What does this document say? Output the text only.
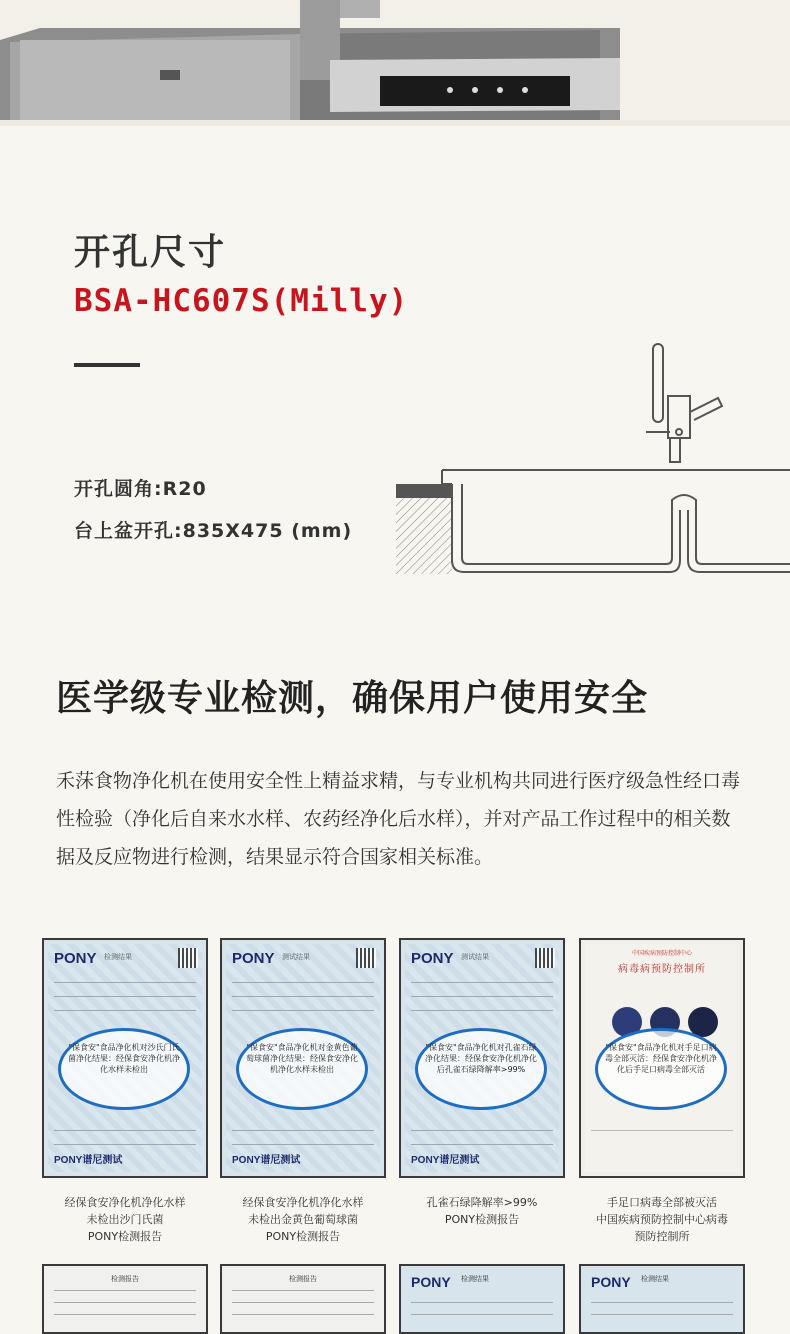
开孔尺寸
BSA-HC607S(Milly)
开孔圆角:R20
台上盆开孔:835X475 (mm)
医学级专业检测，确保用户使用安全

禾莯食物净化机在使用安全性上精益求精，与专业机构共同进行医疗级急性经口毒性检验（净化后自来水水样、农药经净化后水样），并对产品工作过程中的相关数据及反应物进行检测，结果显示符合国家相关标准。

PONY 检测结果
"保食安"食品净化机对沙氏门氏菌净化结果：经保食安净化机净化水样未检出
PONY谱尼测试
经保食安净化机净化水样
未检出沙门氏菌
PONY检测报告
PONY 测试结果
"保食安"食品净化机对金黄色葡萄球菌净化结果：经保食安净化机净化水样未检出
PONY谱尼测试
经保食安净化机净化水样
未检出金黄色葡萄球菌
PONY检测报告
PONY 测试结果
"保食安"食品净化机对孔雀石绿净化结果：经保食安净化机净化后孔雀石绿降解率>99%
PONY谱尼测试
孔雀石绿降解率>99%
PONY检测报告
中国疾病预防控制中心
病毒病预防控制所
"保食安"食品净化机对手足口病毒全部灭活：经保食安净化机净化后手足口病毒全部灭活
手足口病毒全部被灭活
中国疾病预防控制中心病毒
预防控制所
检测报告	检测报告	PONY 检测结果	PONY 检测结果
